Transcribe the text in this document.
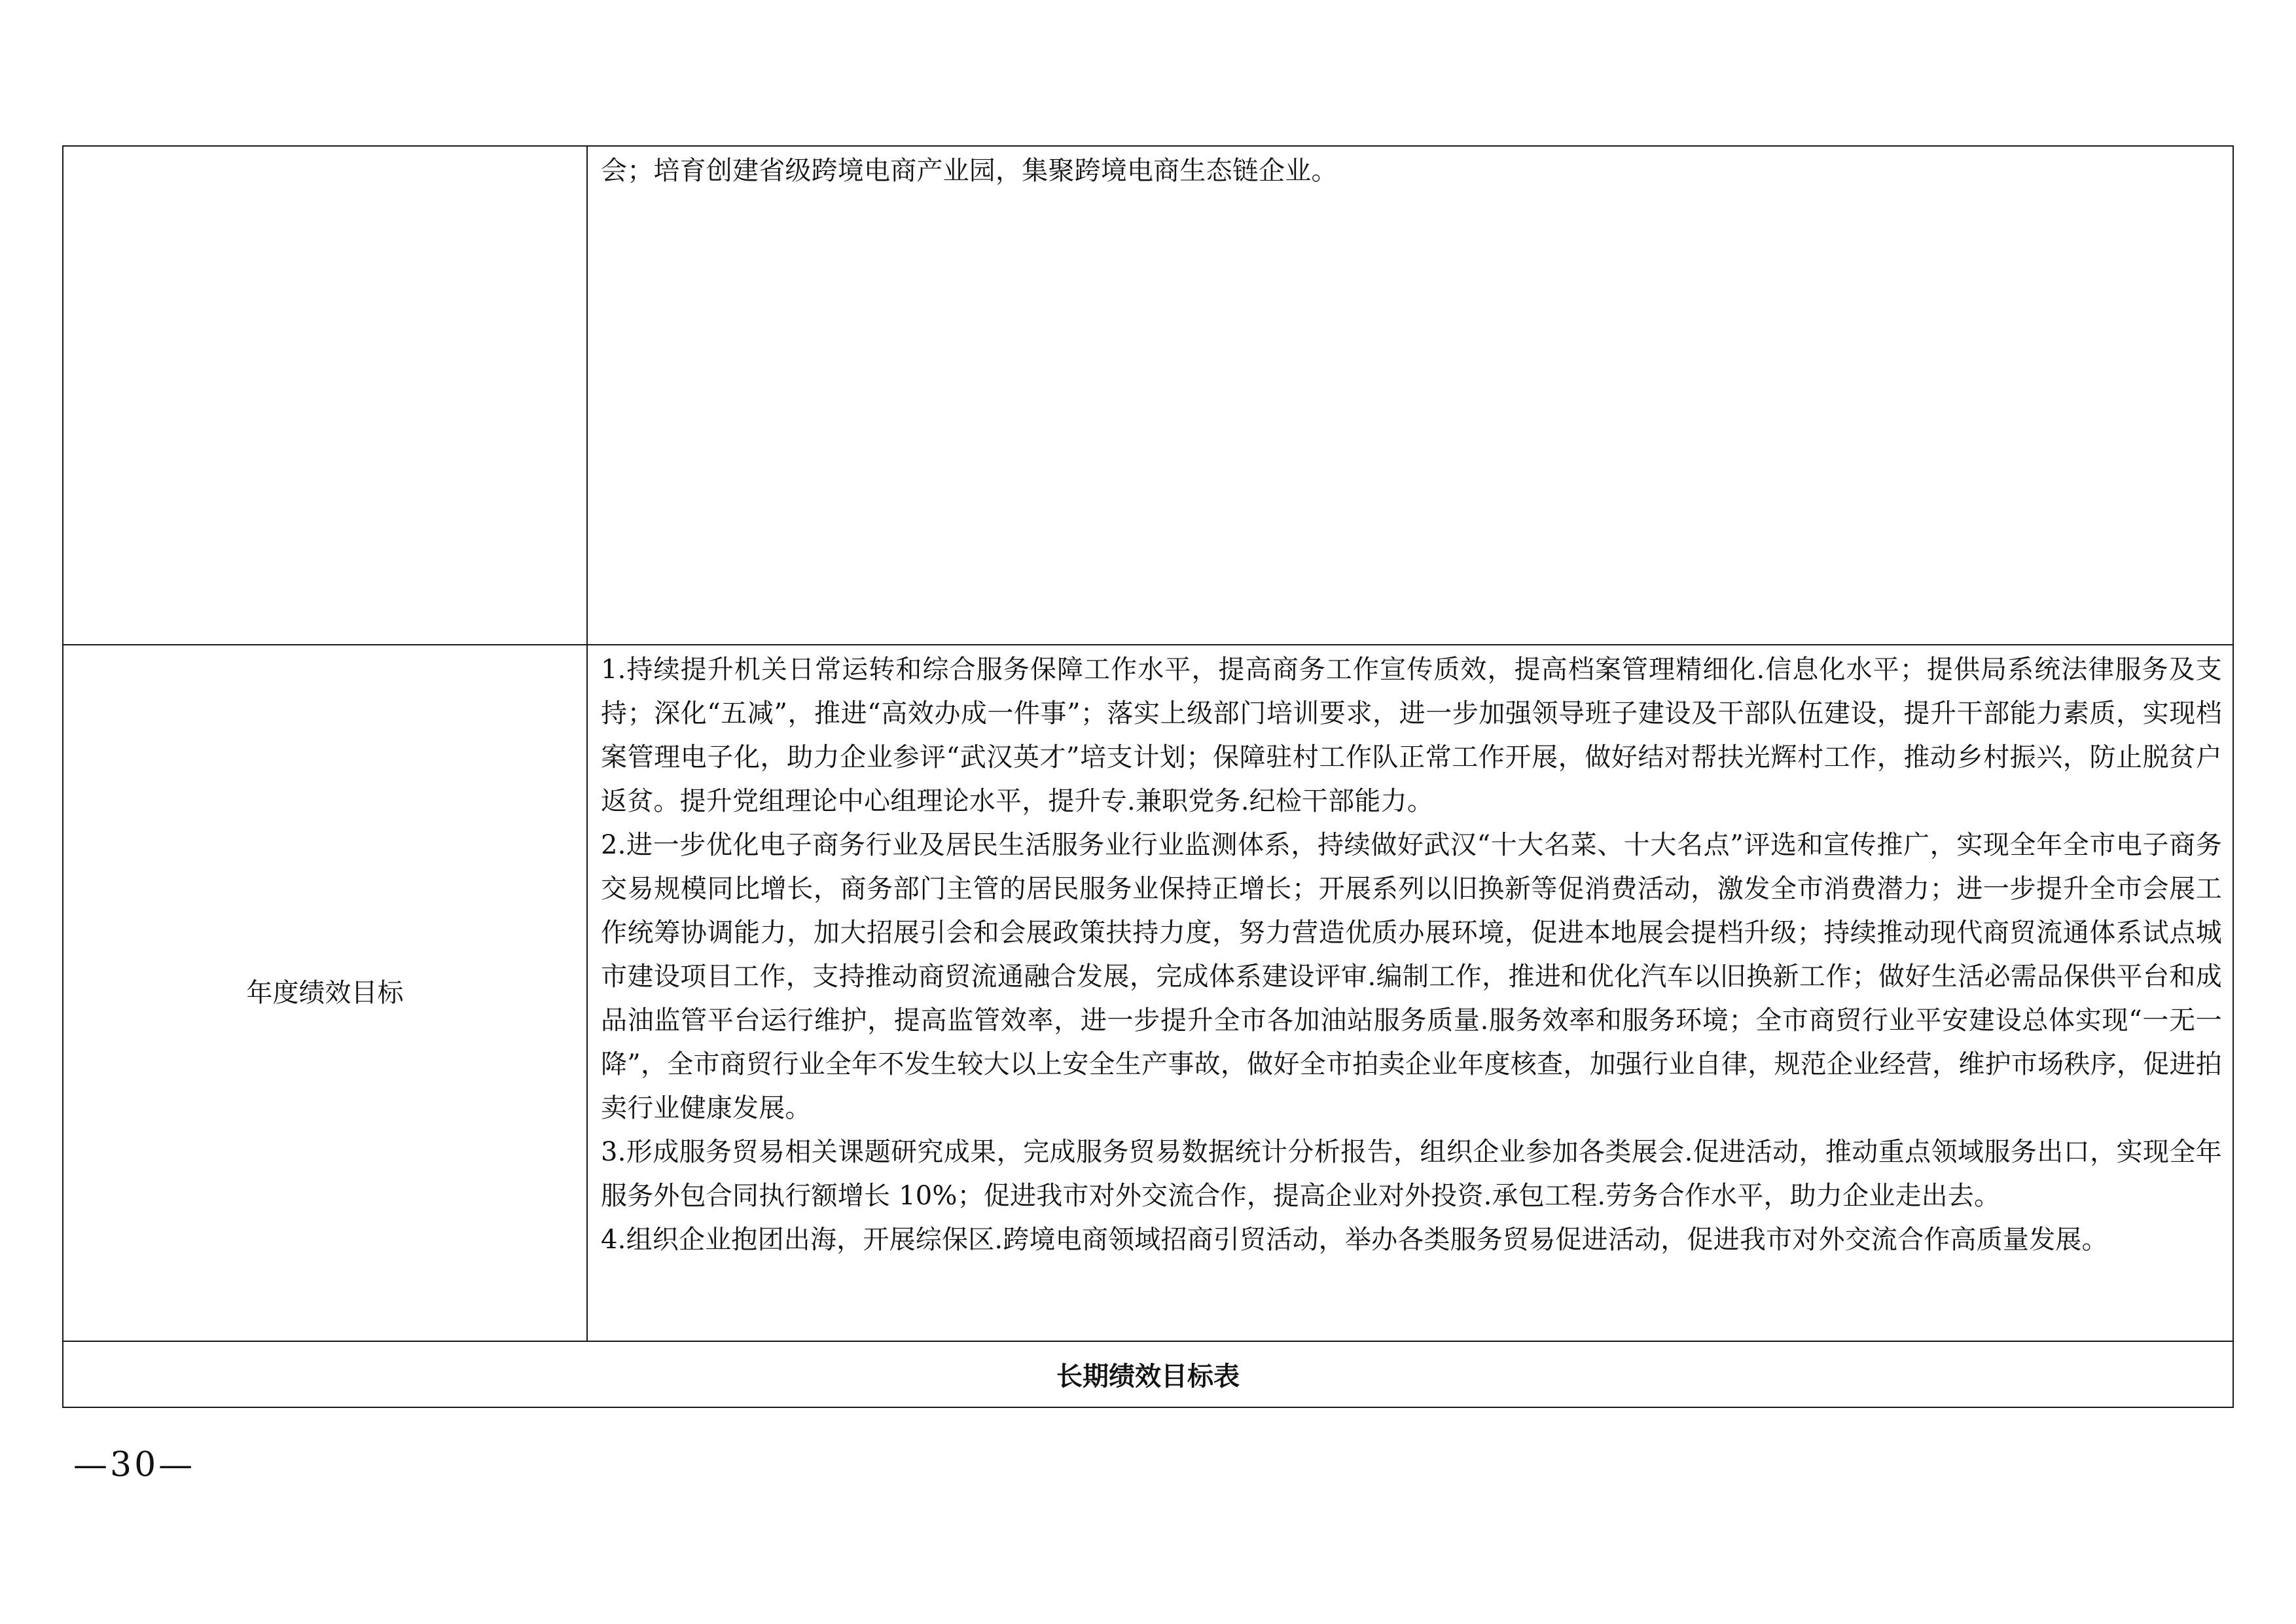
	会；培育创建省级跨境电商产业园，集聚跨境电商生态链企业。

年度绩效目标	1.持续提升机关日常运转和综合服务保障工作水平，提高商务工作宣传质效，提高档案管理精细化.信息化水平；提供局系统法律服务及支持；深化“五减”，推进“高效办成一件事”；落实上级部门培训要求，进一步加强领导班子建设及干部队伍建设，提升干部能力素质，实现档案管理电子化，助力企业参评“武汉英才”培支计划；保障驻村工作队正常工作开展，做好结对帮扶光辉村工作，推动乡村振兴，防止脱贫户返贫。提升党组理论中心组理论水平，提升专.兼职党务.纪检干部能力。

2.进一步优化电子商务行业及居民生活服务业行业监测体系，持续做好武汉“十大名菜、十大名点”评选和宣传推广，实现全年全市电子商务交易规模同比增长，商务部门主管的居民服务业保持正增长；开展系列以旧换新等促消费活动，激发全市消费潜力；进一步提升全市会展工作统筹协调能力，加大招展引会和会展政策扶持力度，努力营造优质办展环境，促进本地展会提档升级；持续推动现代商贸流通体系试点城市建设项目工作，支持推动商贸流通融合发展，完成体系建设评审.编制工作，推进和优化汽车以旧换新工作；做好生活必需品保供平台和成品油监管平台运行维护，提高监管效率，进一步提升全市各加油站服务质量.服务效率和服务环境；全市商贸行业平安建设总体实现“一无一降”，全市商贸行业全年不发生较大以上安全生产事故，做好全市拍卖企业年度核查，加强行业自律，规范企业经营，维护市场秩序，促进拍卖行业健康发展。

3.形成服务贸易相关课题研究成果，完成服务贸易数据统计分析报告，组织企业参加各类展会.促进活动，推动重点领域服务出口，实现全年服务外包合同执行额增长 10%；促进我市对外交流合作，提高企业对外投资.承包工程.劳务合作水平，助力企业走出去。

4.组织企业抱团出海，开展综保区.跨境电商领域招商引贸活动，举办各类服务贸易促进活动，促进我市对外交流合作高质量发展。

长期绩效目标表	
—30—
